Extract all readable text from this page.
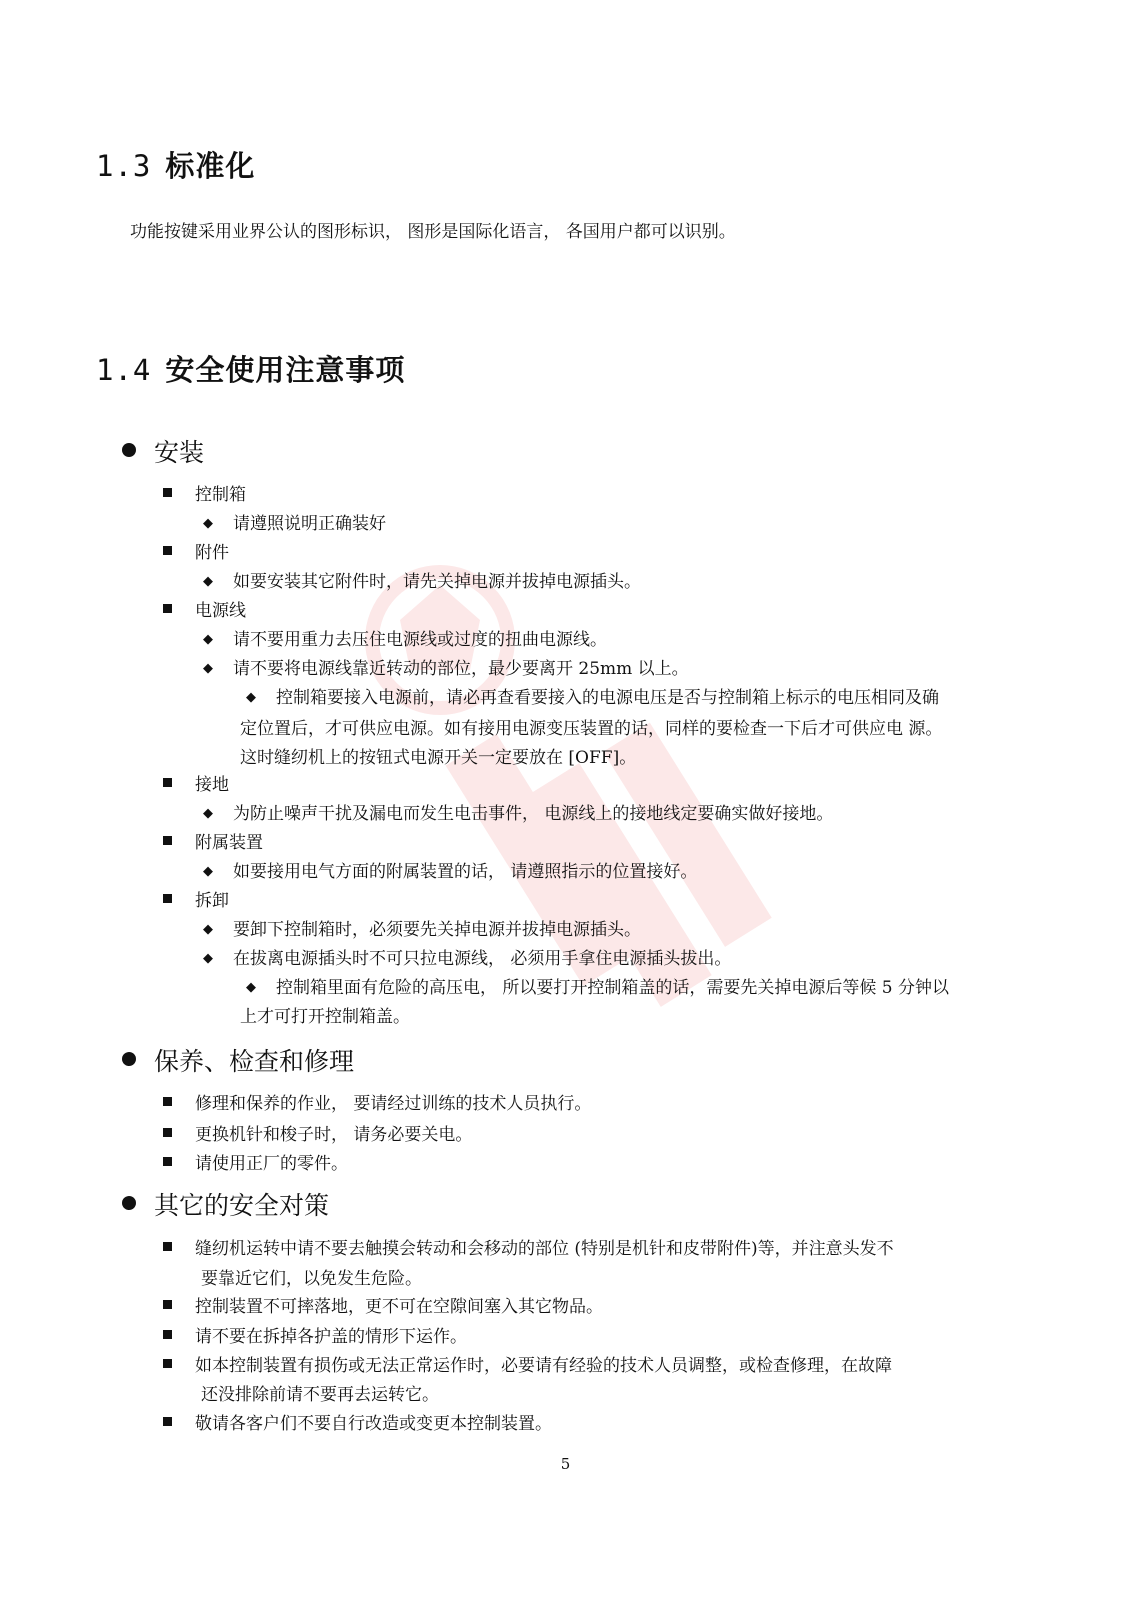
1.3 标准化
功能按键采用业界公认的图形标识， 图形是国际化语言， 各国用户都可以识别。
1.4 安全使用注意事项
安装
控制箱
◆ 请遵照说明正确装好
附件
◆ 如要安装其它附件时，请先关掉电源并拔掉电源插头。
电源线
◆ 请不要用重力去压住电源线或过度的扭曲电源线。
◆ 请不要将电源线靠近转动的部位，最少要离开 25mm 以上。
◆ 控制箱要接入电源前，请必再查看要接入的电源电压是否与控制箱上标示的电压相同及确
定位置后，才可供应电源。如有接用电源变压装置的话，同样的要检查一下后才可供应电 源。
这时缝纫机上的按钮式电源开关一定要放在 [OFF]。
接地
◆ 为防止噪声干扰及漏电而发生电击事件， 电源线上的接地线定要确实做好接地。
附属装置
◆ 如要接用电气方面的附属装置的话， 请遵照指示的位置接好。
拆卸
◆ 要卸下控制箱时，必须要先关掉电源并拔掉电源插头。
◆ 在拔离电源插头时不可只拉电源线， 必须用手拿住电源插头拔出。
◆ 控制箱里面有危险的高压电， 所以要打开控制箱盖的话，需要先关掉电源后等候 5 分钟以
上才可打开控制箱盖。
保养、检查和修理
修理和保养的作业， 要请经过训练的技术人员执行。
更换机针和梭子时， 请务必要关电。
请使用正厂的零件。
其它的安全对策
缝纫机运转中请不要去触摸会转动和会移动的部位 (特别是机针和皮带附件)等，并注意头发不
要靠近它们，以免发生危险。
控制装置不可摔落地，更不可在空隙间塞入其它物品。
请不要在拆掉各护盖的情形下运作。
如本控制装置有损伤或无法正常运作时，必要请有经验的技术人员调整，或检查修理，在故障
还没排除前请不要再去运转它。
敬请各客户们不要自行改造或变更本控制装置。
5
